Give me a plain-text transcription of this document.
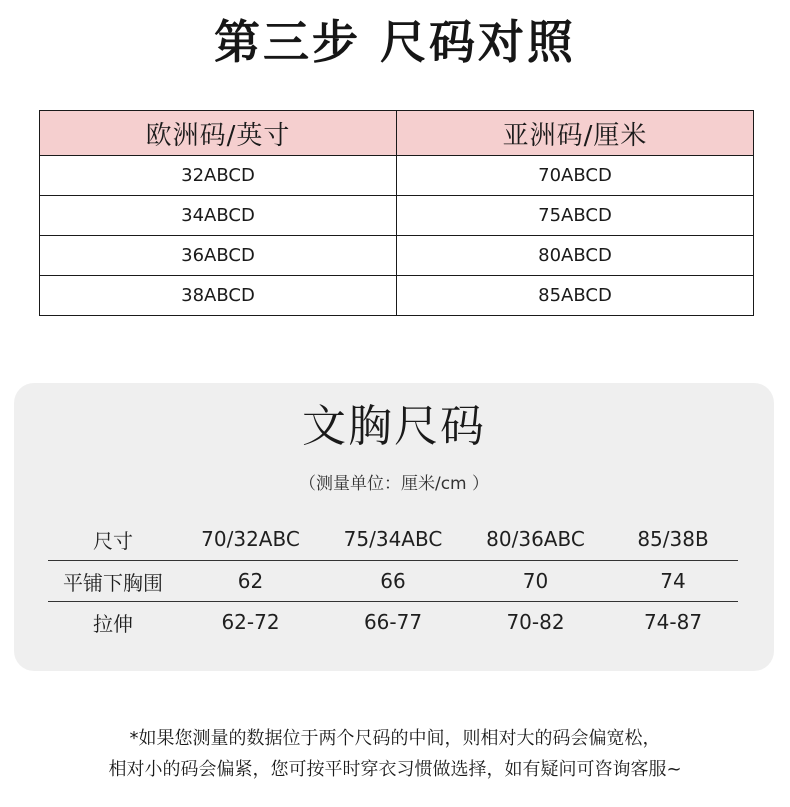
第三步 尺码对照
欧洲码/英寸	亚洲码/厘米
32ABCD	70ABCD
34ABCD	75ABCD
36ABCD	80ABCD
38ABCD	85ABCD
文胸尺码
（测量单位：厘米/cm ）
尺寸	70/32ABC	75/34ABC	80/36ABC	85/38B
平铺下胸围	62	66	70	74
拉伸	62-72	66-77	70-82	74-87
*如果您测量的数据位于两个尺码的中间，则相对大的码会偏宽松，
相对小的码会偏紧，您可按平时穿衣习惯做选择，如有疑问可咨询客服~
